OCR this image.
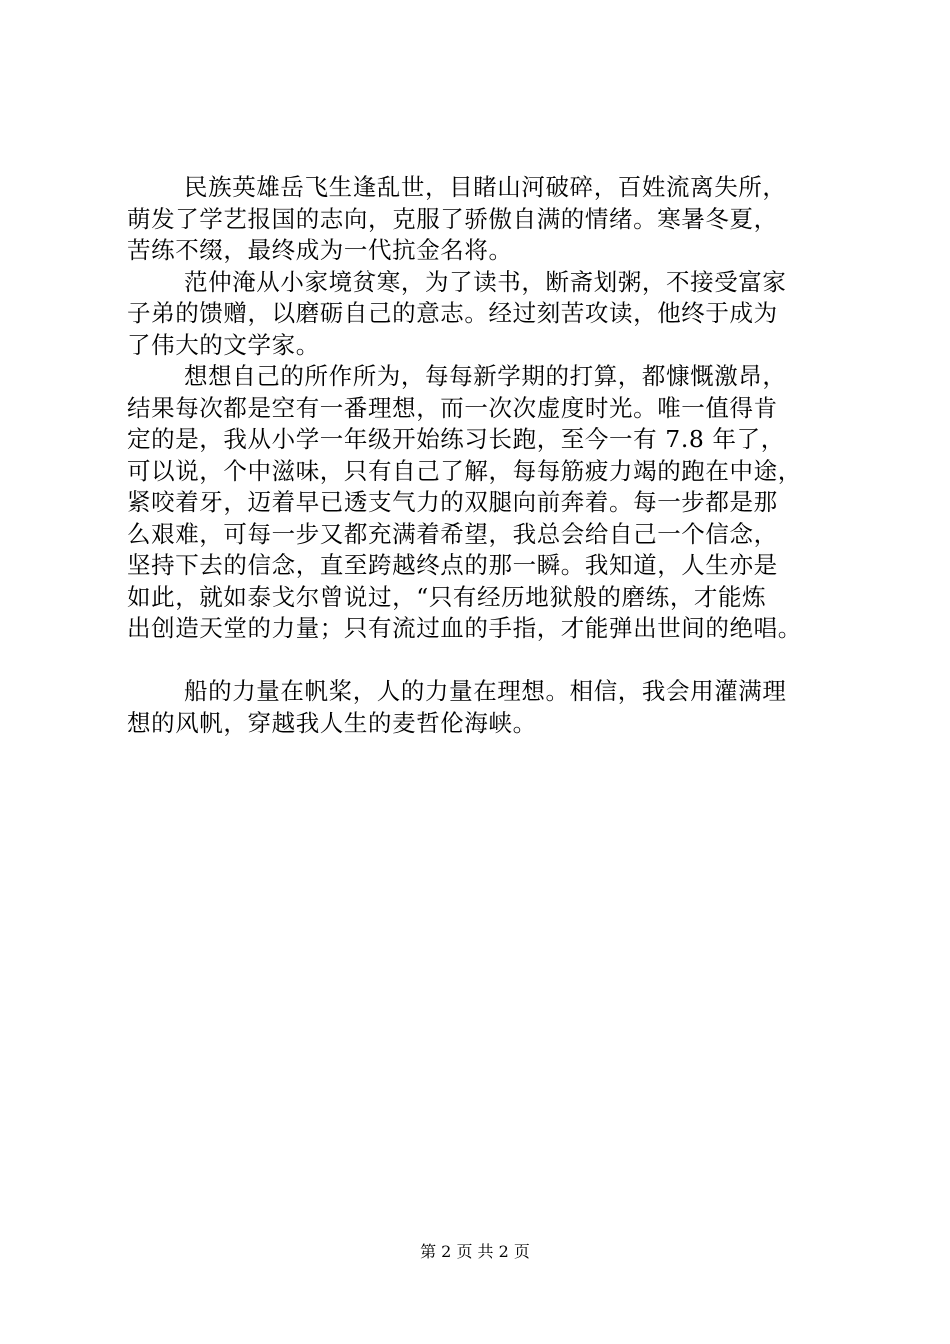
民族英雄岳飞生逢乱世，目睹山河破碎，百姓流离失所，
萌发了学艺报国的志向，克服了骄傲自满的情绪。寒暑冬夏，
苦练不缀，最终成为一代抗金名将。
范仲淹从小家境贫寒，为了读书，断斋划粥，不接受富家
子弟的馈赠，以磨砺自己的意志。经过刻苦攻读，他终于成为
了伟大的文学家。
想想自己的所作所为，每每新学期的打算，都慷慨激昂，
结果每次都是空有一番理想，而一次次虚度时光。唯一值得肯
定的是，我从小学一年级开始练习长跑，至今一有 7.8 年了，
可以说，个中滋味，只有自己了解，每每筋疲力竭的跑在中途，
紧咬着牙，迈着早已透支气力的双腿向前奔着。每一步都是那
么艰难，可每一步又都充满着希望，我总会给自己一个信念，
坚持下去的信念，直至跨越终点的那一瞬。我知道，人生亦是
如此，就如泰戈尔曾说过，“只有经历地狱般的磨练，才能炼
出创造天堂的力量；只有流过血的手指，才能弹出世间的绝唱。
船的力量在帆桨，人的力量在理想。相信，我会用灌满理
想的风帆，穿越我人生的麦哲伦海峡。
第 2 页 共 2 页
